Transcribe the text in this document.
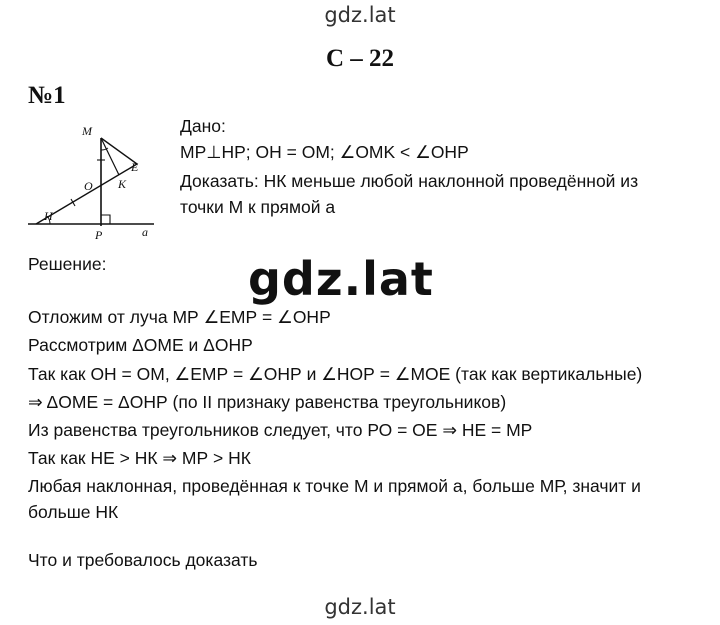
gdz.lat
С – 22
№1
M
E
O K
H
P	a
Дано:
MP⊥HP; OH = OM; ∠OMK < ∠OHP
Доказать: НК меньше любой наклонной проведённой из
точки М к прямой а
Решение:	gdz.lat
Отложим от луча МР ∠ЕМР = ∠ОНР
Рассмотрим ΔОМЕ и ΔОНР
Так как ОН = ОМ, ∠ЕМР = ∠ОНР и ∠НОР = ∠МОЕ (так как вертикальные)
⇒ ΔОМЕ = ΔОНР (по II признаку равенства треугольников)
Из равенства треугольников следует, что РО = ОЕ ⇒ НЕ = МР
Так как НЕ > НК ⇒ МР > НК
Любая наклонная, проведённая к точке М и прямой а, больше МР, значит и
больше НК
Что и требовалось доказать
gdz.lat
